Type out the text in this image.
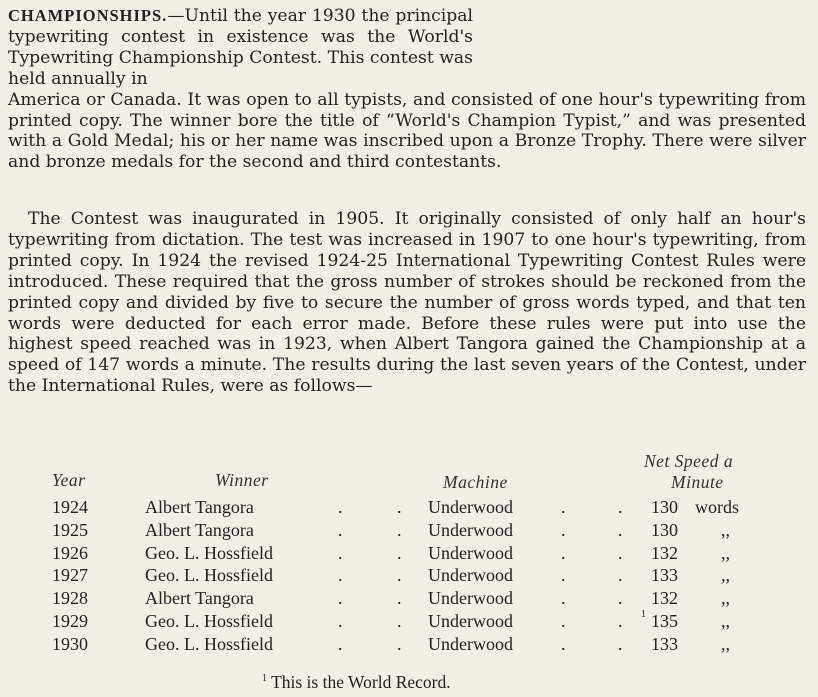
CHAMPIONSHIPS.—Until the year 1930 the principal typewriting contest in existence was the World's Typewriting Championship Contest. This contest was held annually in
America or Canada. It was open to all typists, and consisted of one hour's typewriting from printed copy. The winner bore the title of “World's Champion Typist,” and was presented with a Gold Medal; his or her name was inscribed upon a Bronze Trophy. There were silver and bronze medals for the second and third contestants.

The Contest was inaugurated in 1905. It originally consisted of only half an hour's typewriting from dictation. The test was increased in 1907 to one hour's typewriting, from printed copy. In 1924 the revised 1924-25 International Typewriting Contest Rules were introduced. These required that the gross number of strokes should be reckoned from the printed copy and divided by five to secure the number of gross words typed, and that ten words were deducted for each error made. Before these rules were put into use the highest speed reached was in 1923, when Albert Tangora gained the Championship at a speed of 147 words a minute. The results during the last seven years of the Contest, under the International Rules, were as follows—

Year	Winner	Machine
Net Speed a
Minute
1924	Albert Tangora	.	. Underwood	.	. 130 words
1925	Albert Tangora	.	. Underwood	.	. 130 ,,
1926	Geo. L. Hossfield	.	. Underwood	.	. 132 ,,
1927	Geo. L. Hossfield	.	. Underwood	.	. 133 ,,
1928	Albert Tangora	.	. Underwood	.	. 132 ,,
1929	Geo. L. Hossfield	.	. Underwood	.	. 1 135 ,,
1930	Geo. L. Hossfield	.	. Underwood	.	. 133 ,,
$^1$ This is the World Record.
